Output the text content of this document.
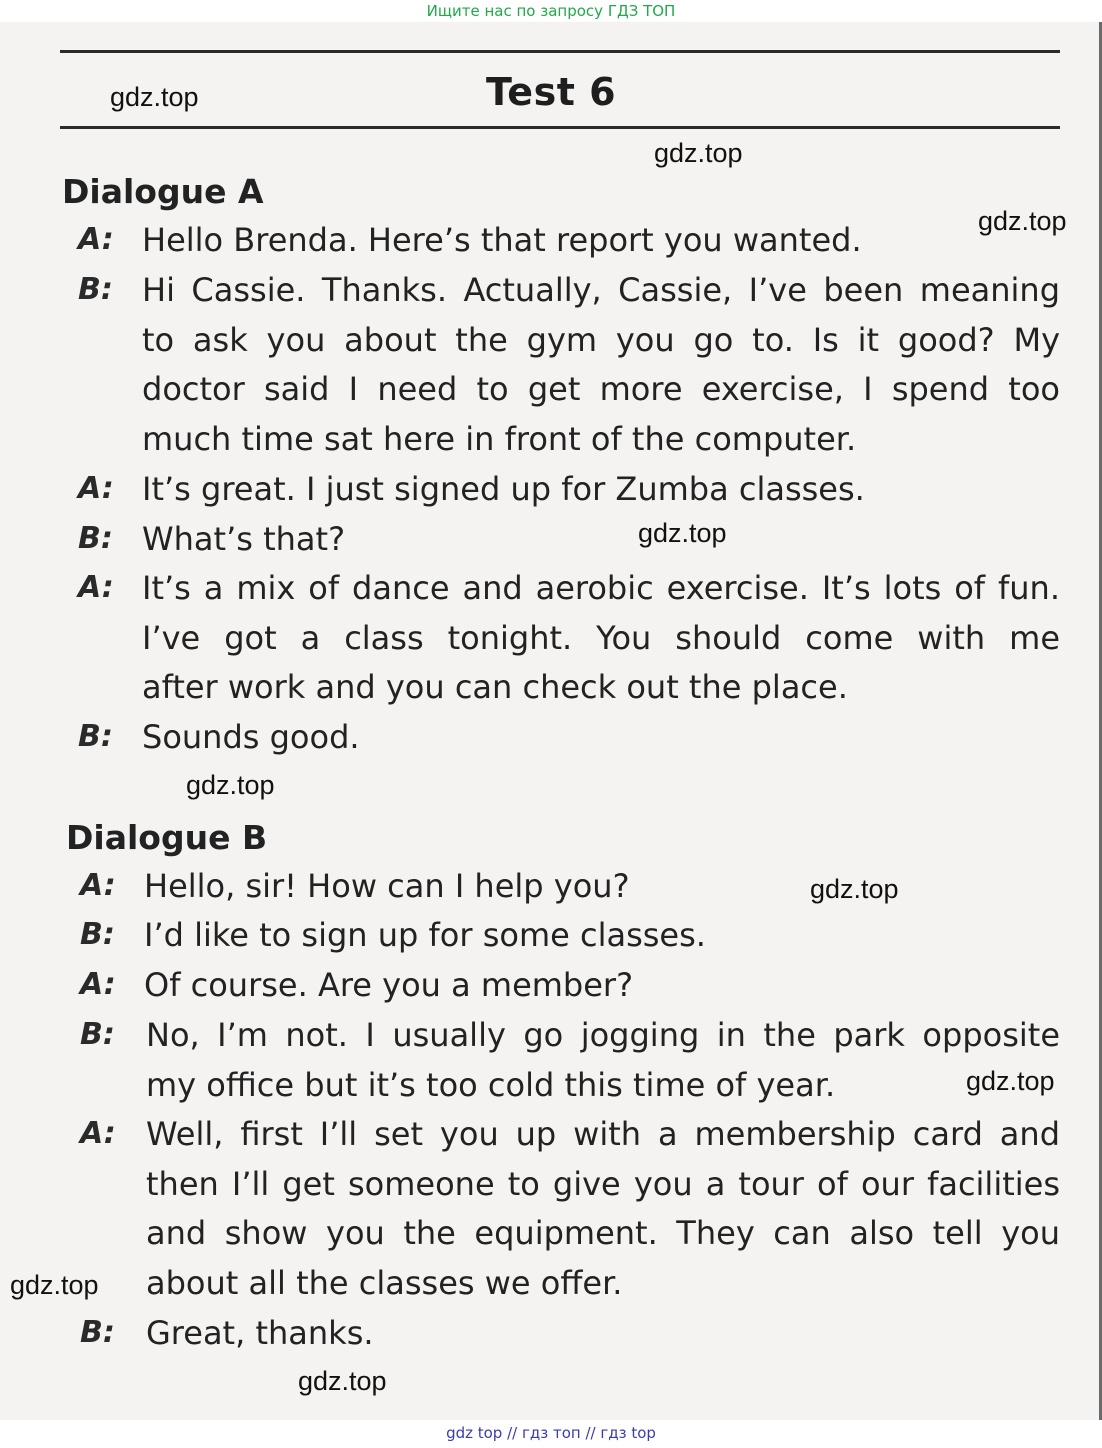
Ищите нас по запросу ГДЗ ТОП
Test 6
Dialogue A
A: Hello Brenda. Here’s that report you wanted.
B: Hi Cassie. Thanks. Actually, Cassie, I’ve been meaning
to ask you about the gym you go to. Is it good? My
doctor said I need to get more exercise, I spend too
much time sat here in front of the computer.
A: It’s great. I just signed up for Zumba classes.
B: What’s that?
A: It’s a mix of dance and aerobic exercise. It’s lots of fun.
I’ve got a class tonight. You should come with me
after work and you can check out the place.
B: Sounds good.
Dialogue B
A: Hello, sir! How can I help you?
B: I’d like to sign up for some classes.
A: Of course. Are you a member?
B: No, I’m not. I usually go jogging in the park opposite
my office but it’s too cold this time of year.
A: Well, first I’ll set you up with a membership card and
then I’ll get someone to give you a tour of our facilities
and show you the equipment. They can also tell you
about all the classes we offer.
B: Great, thanks.
gdz.top
gdz.top
gdz.top
gdz.top
gdz.top
gdz.top
gdz.top
gdz.top
gdz.top
gdz top // гдз топ // гдз top
